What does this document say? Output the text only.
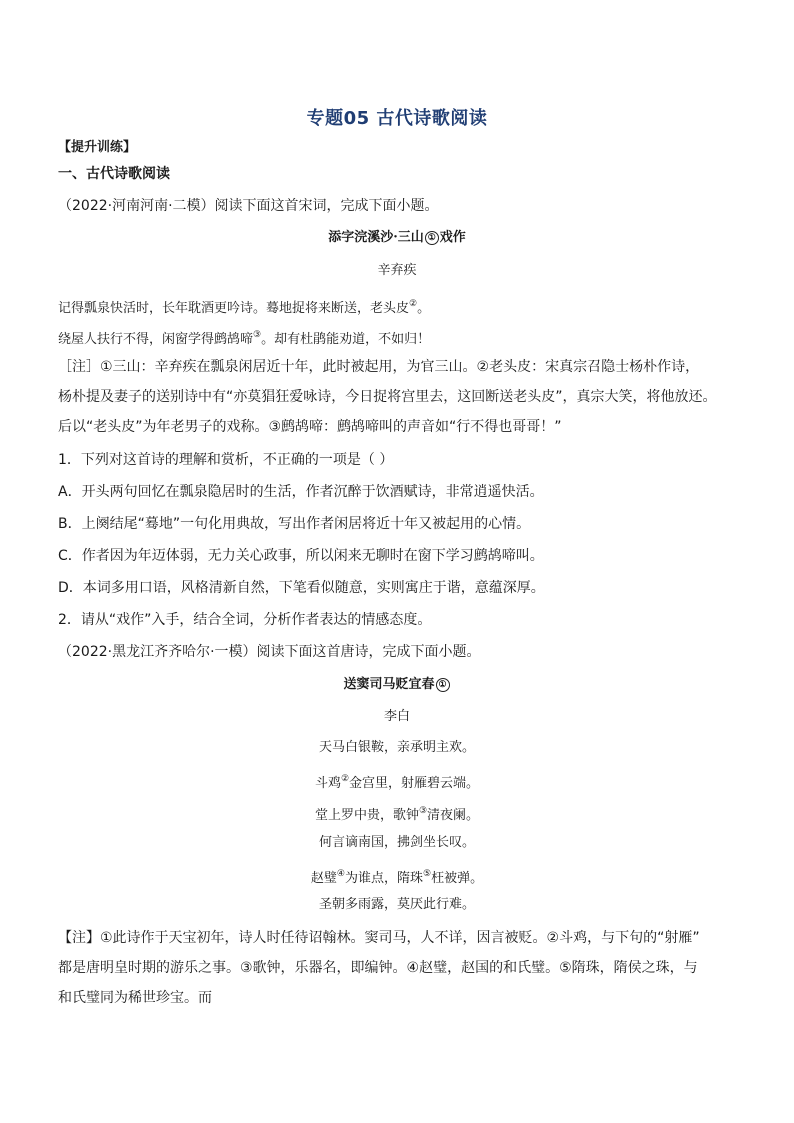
专题05 古代诗歌阅读
【提升训练】
一、古代诗歌阅读
（2022·河南河南·二模）阅读下面这首宋词，完成下面小题。
添字浣溪沙·三山 ① 戏作
辛弃疾
记得瓢泉快活时，长年耽酒更吟诗。蓦地捉将来断送，老头皮②。
绕屋人扶行不得，闲窗学得鹧鸪啼③。却有杜鹃能劝道，不如归！
［注］①三山：辛弃疾在瓢泉闲居近十年，此时被起用，为官三山。②老头皮：宋真宗召隐士杨朴作诗，
杨朴提及妻子的送别诗中有“亦莫猖狂爱咏诗，今日捉将宫里去，这回断送老头皮”，真宗大笑，将他放还。
后以“老头皮”为年老男子的戏称。③鹧鸪啼：鹧鸪啼叫的声音如“行不得也哥哥！”
1．下列对这首诗的理解和赏析，不正确的一项是（ ）
A．开头两句回忆在瓢泉隐居时的生活，作者沉醉于饮酒赋诗，非常逍遥快活。
B．上阕结尾“蓦地”一句化用典故，写出作者闲居将近十年又被起用的心情。
C．作者因为年迈体弱，无力关心政事，所以闲来无聊时在窗下学习鹧鸪啼叫。
D．本词多用口语，风格清新自然，下笔看似随意，实则寓庄于谐，意蕴深厚。
2．请从“戏作”入手，结合全词，分析作者表达的情感态度。
（2022·黑龙江齐齐哈尔·一模）阅读下面这首唐诗，完成下面小题。
送窦司马贬宜春 ①
李白
天马白银鞍，亲承明主欢。
斗鸡②金宫里，射雁碧云端。
堂上罗中贵，歌钟③清夜阑。
何言谪南国，拂剑坐长叹。
赵璧④为谁点，隋珠⑤枉被弹。
圣朝多雨露，莫厌此行难。
【注】①此诗作于天宝初年，诗人时任待诏翰林。窦司马，人不详，因言被贬。②斗鸡，与下句的“射雁”
都是唐明皇时期的游乐之事。③歌钟，乐器名，即编钟。④赵璧，赵国的和氏璧。⑤隋珠，隋侯之珠，与
和氏璧同为稀世珍宝。而
